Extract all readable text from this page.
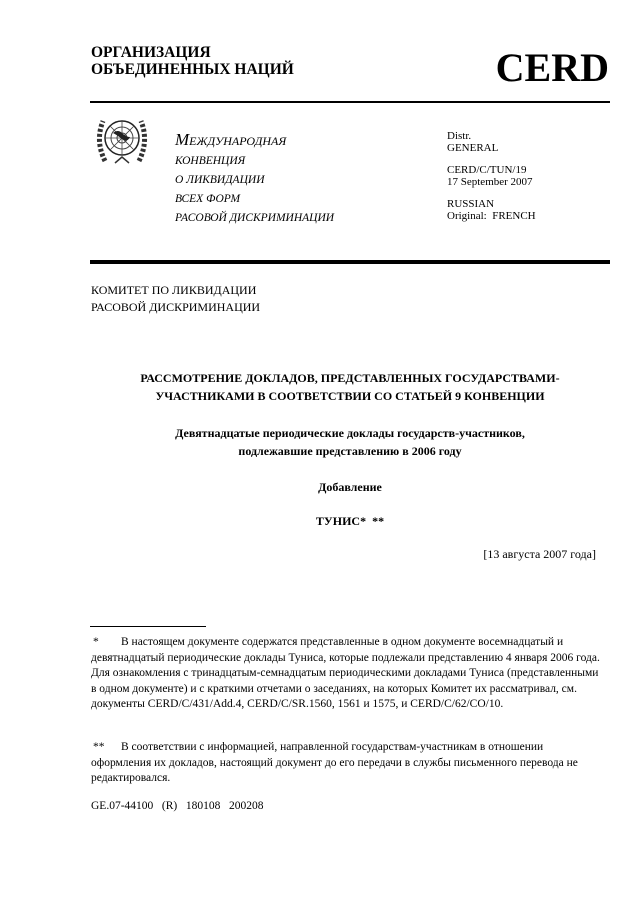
ОРГАНИЗАЦИЯ
ОБЪЕДИНЕННЫХ НАЦИЙ	CERD
Международная
КОНВЕНЦИЯ
О ЛИКВИДАЦИИ
ВСЕХ ФОРМ
РАСОВОЙ ДИСКРИМИНАЦИИ
Distr.
GENERAL
CERD/C/TUN/19
17 September 2007
RUSSIAN
Original:  FRENCH
КОМИТЕТ ПО ЛИКВИДАЦИИ
РАСОВОЙ ДИСКРИМИНАЦИИ
РАССМОТРЕНИЕ ДОКЛАДОВ, ПРЕДСТАВЛЕННЫХ ГОСУДАРСТВАМИ-
УЧАСТНИКАМИ В СООТВЕТСТВИИ СО СТАТЬЕЙ 9 КОНВЕНЦИИ
Девятнадцатые периодические доклады государств-участников,
подлежавшие представлению в 2006 году
Добавление
ТУНИС*  **
[13 августа 2007 года]
* В настоящем документе содержатся представленные в одном документе восемнадцатый и девятнадцатый периодические доклады Туниса, которые подлежали представлению 4 января 2006 года. Для ознакомления с тринадцатым-семнадцатым периодическими докладами Туниса (представленными в одном документе) и с краткими отчетами о заседаниях, на которых Комитет их рассматривал, см. документы CERD/C/431/Add.4, CERD/C/SR.1560, 1561 и 1575, и CERD/C/62/CO/10.
** В соответствии с информацией, направленной государствам-участникам в отношении оформления их докладов, настоящий документ до его передачи в службы письменного перевода не редактировался.
GE.07-44100   (R)   180108   200208
